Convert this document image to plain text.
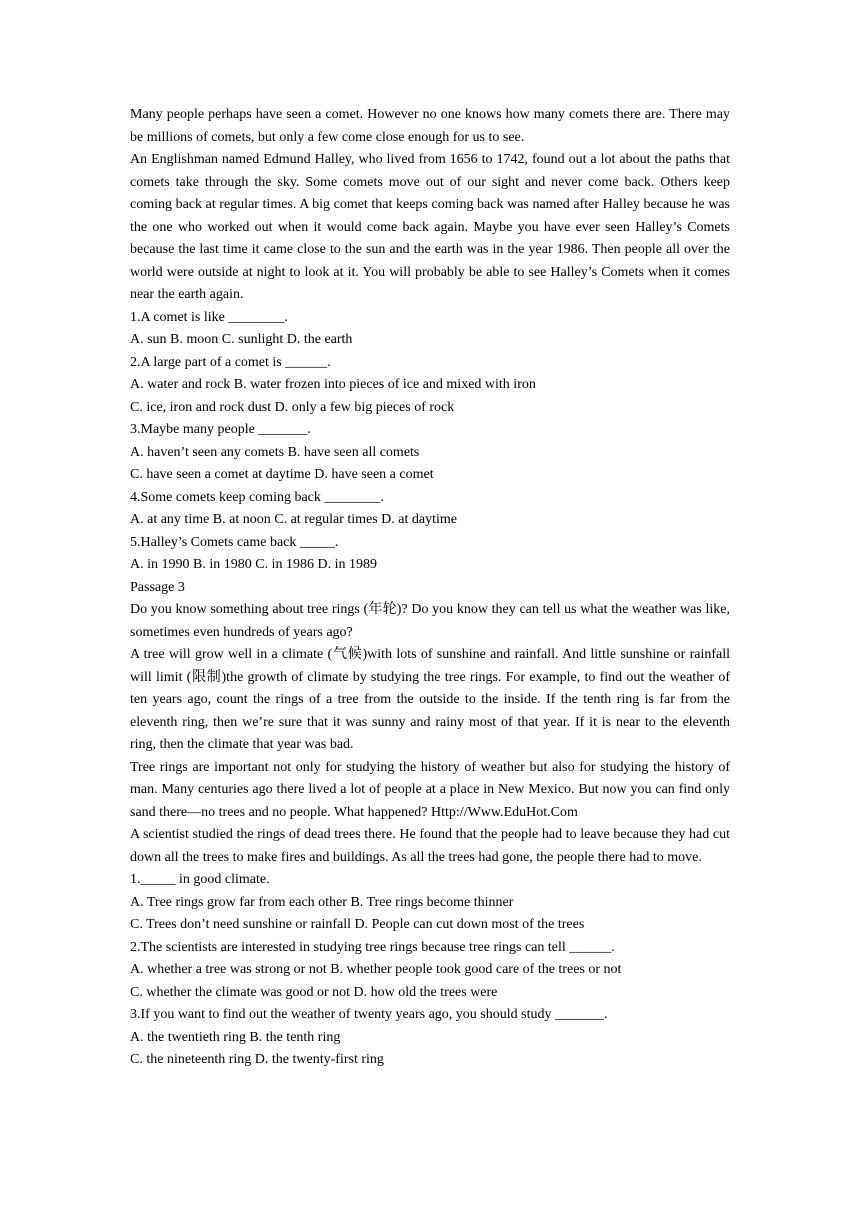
Many people perhaps have seen a comet. However no one knows how many comets there are. There may be millions of comets, but only a few come close enough for us to see.
An Englishman named Edmund Halley, who lived from 1656 to 1742, found out a lot about the paths that comets take through the sky. Some comets move out of our sight and never come back. Others keep coming back at regular times. A big comet that keeps coming back was named after Halley because he was the one who worked out when it would come back again. Maybe you have ever seen Halley’s Comets because the last time it came close to the sun and the earth was in the year 1986. Then people all over the world were outside at night to look at it. You will probably be able to see Halley’s Comets when it comes near the earth again.
1.A comet is like ________.
A. sun B. moon C. sunlight D. the earth
2.A large part of a comet is ______.
A. water and rock B. water frozen into pieces of ice and mixed with iron
C. ice, iron and rock dust D. only a few big pieces of rock
3.Maybe many people _______.
A. haven’t seen any comets B. have seen all comets
C. have seen a comet at daytime D. have seen a comet
4.Some comets keep coming back ________.
A. at any time B. at noon C. at regular times D. at daytime
5.Halley’s Comets came back _____.
A. in 1990 B. in 1980 C. in 1986 D. in 1989
Passage 3
Do you know something about tree rings (年轮)? Do you know they can tell us what the weather was like, sometimes even hundreds of years ago?
A tree will grow well in a climate (气候)with lots of sunshine and rainfall. And little sunshine or rainfall will limit (限制)the growth of climate by studying the tree rings. For example, to find out the weather of ten years ago, count the rings of a tree from the outside to the inside. If the tenth ring is far from the eleventh ring, then we’re sure that it was sunny and rainy most of that year. If it is near to the eleventh ring, then the climate that year was bad.
Tree rings are important not only for studying the history of weather but also for studying the history of man. Many centuries ago there lived a lot of people at a place in New Mexico. But now you can find only sand there—no trees and no people. What happened? Http://Www.EduHot.Com
A scientist studied the rings of dead trees there. He found that the people had to leave because they had cut down all the trees to make fires and buildings. As all the trees had gone, the people there had to move.
1._____ in good climate.
A. Tree rings grow far from each other B. Tree rings become thinner
C. Trees don’t need sunshine or rainfall D. People can cut down most of the trees
2.The scientists are interested in studying tree rings because tree rings can tell ______.
A. whether a tree was strong or not B. whether people took good care of the trees or not
C. whether the climate was good or not D. how old the trees were
3.If you want to find out the weather of twenty years ago, you should study _______.
A. the twentieth ring B. the tenth ring
C. the nineteenth ring D. the twenty-first ring
